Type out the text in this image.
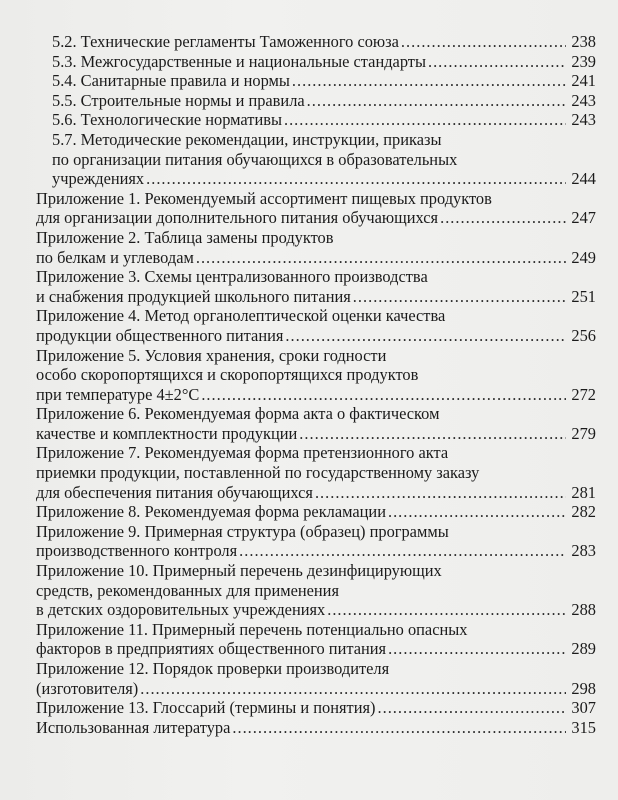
5.2. Технические регламенты Таможенного союза .....	238
5.3. Межгосударственные и национальные стандарты .....	239
5.4. Санитарные правила и нормы .....	241
5.5. Строительные нормы и правила .....	243
5.6. Технологические нормативы .....	243
5.7. Методические рекомендации, инструкции, приказы
по организации питания обучающихся в образовательных
учреждениях .....	244
Приложение 1. Рекомендуемый ассортимент пищевых продуктов
для организации дополнительного питания обучающихся .....	247
Приложение 2. Таблица замены продуктов
по белкам и углеводам .....	249
Приложение 3. Схемы централизованного производства
и снабжения продукцией школьного питания .....	251
Приложение 4. Метод органолептической оценки качества
продукции общественного питания .....	256
Приложение 5. Условия хранения, сроки годности
особо скоропортящихся и скоропортящихся продуктов
при температуре 4±2°С .....	272
Приложение 6. Рекомендуемая форма акта о фактическом
качестве и комплектности продукции .....	279
Приложение 7. Рекомендуемая форма претензионного акта
приемки продукции, поставленной по государственному заказу
для обеспечения питания обучающихся .....	281
Приложение 8. Рекомендуемая форма рекламации .....	282
Приложение 9. Примерная структура (образец) программы
производственного контроля .....	283
Приложение 10. Примерный перечень дезинфицирующих
средств, рекомендованных для применения
в детских оздоровительных учреждениях .....	288
Приложение 11. Примерный перечень потенциально опасных
факторов в предприятиях общественного питания .....	289
Приложение 12. Порядок проверки производителя
(изготовителя) .....	298
Приложение 13. Глоссарий (термины и понятия) .....	307
Использованная литература .....	315
